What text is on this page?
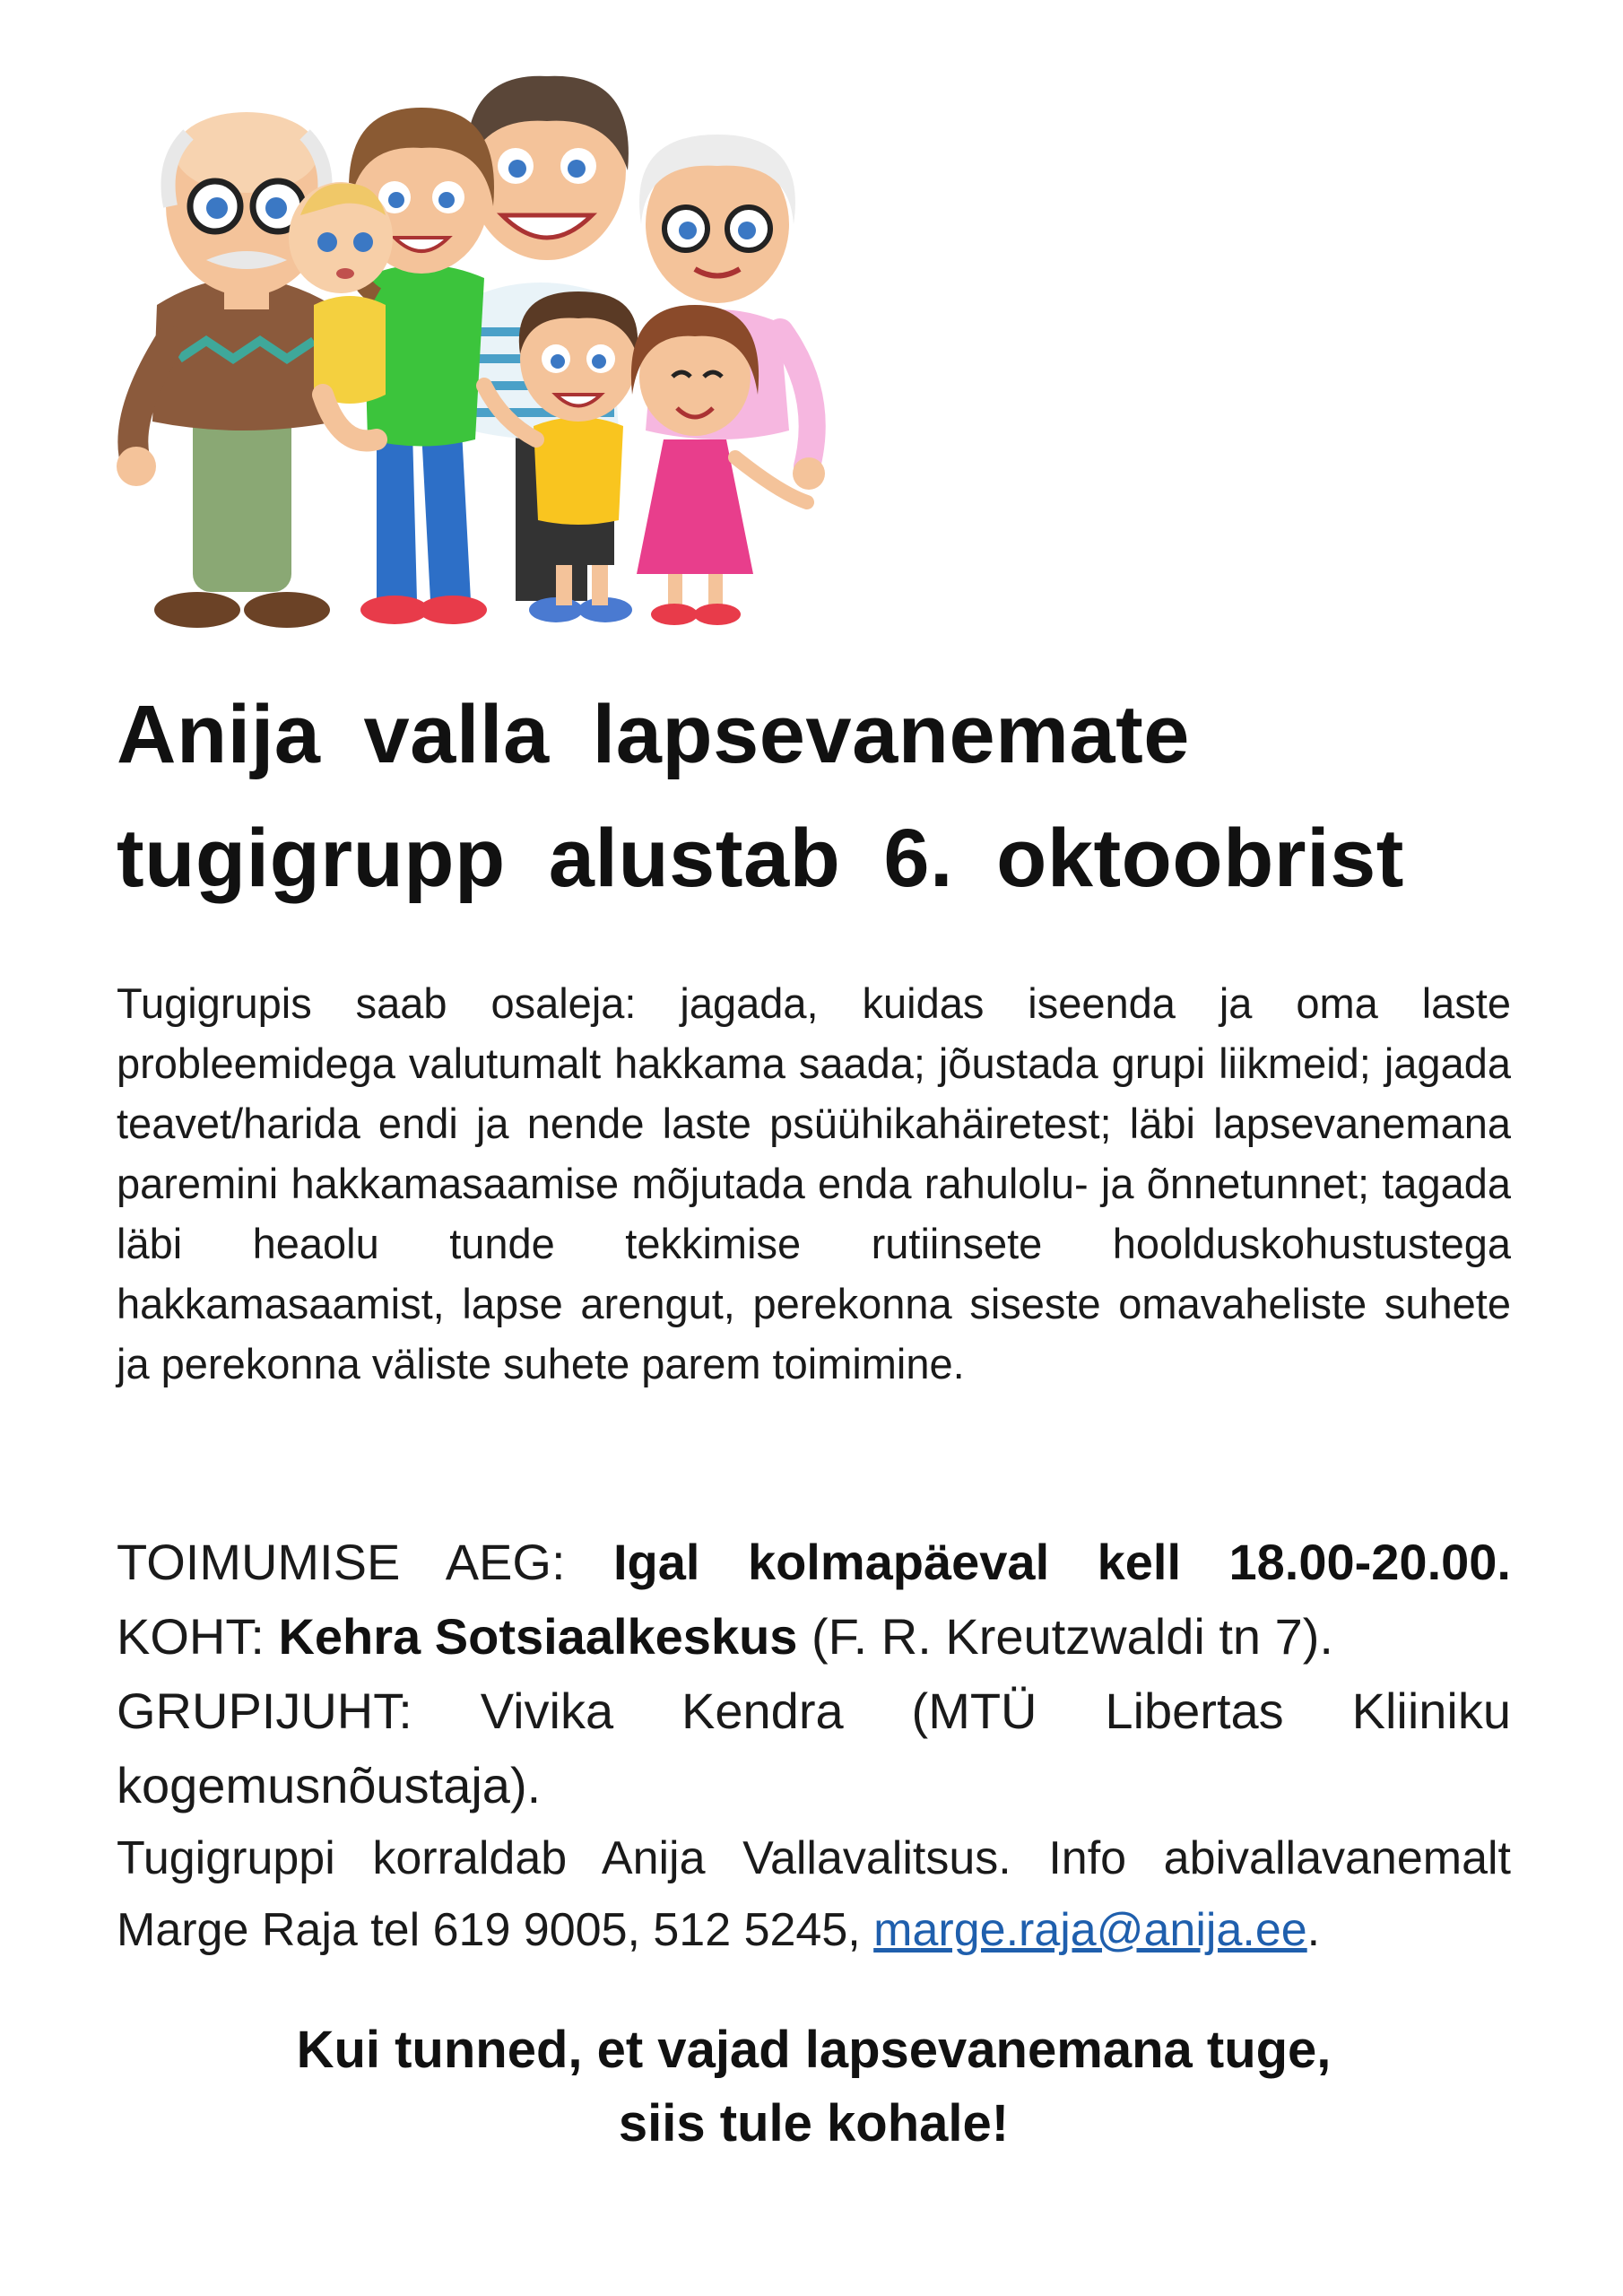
Anija valla lapsevanemate
tugigrupp alustab 6. oktoobrist
Tugigrupis saab osaleja: jagada, kuidas iseenda ja oma laste probleemidega valutumalt hakkama saada; jõustada grupi liikmeid; jagada teavet/harida endi ja nende laste psüühikahäiretest; läbi lapsevanemana paremini hakkamasaamise mõjutada enda rahulolu- ja õnnetunnet; tagada läbi heaolu tunde tekkimise rutiinsete hoolduskohustustega hakkamasaamist, lapse arengut, perekonna siseste omavaheliste suhete ja perekonna väliste suhete parem toimimine.
TOIMUMISE AEG: Igal kolmapäeval kell 18.00-20.00.
KOHT: Kehra Sotsiaalkeskus (F. R. Kreutzwaldi tn 7).
GRUPIJUHT: Vivika Kendra (MTÜ Libertas Kliiniku
kogemusnõustaja).
Tugigruppi korraldab Anija Vallavalitsus. Info abivallavanemalt
Marge Raja tel 619 9005, 512 5245, marge.raja@anija.ee.
Kui tunned, et vajad lapsevanemana tuge,
siis tule kohale!
